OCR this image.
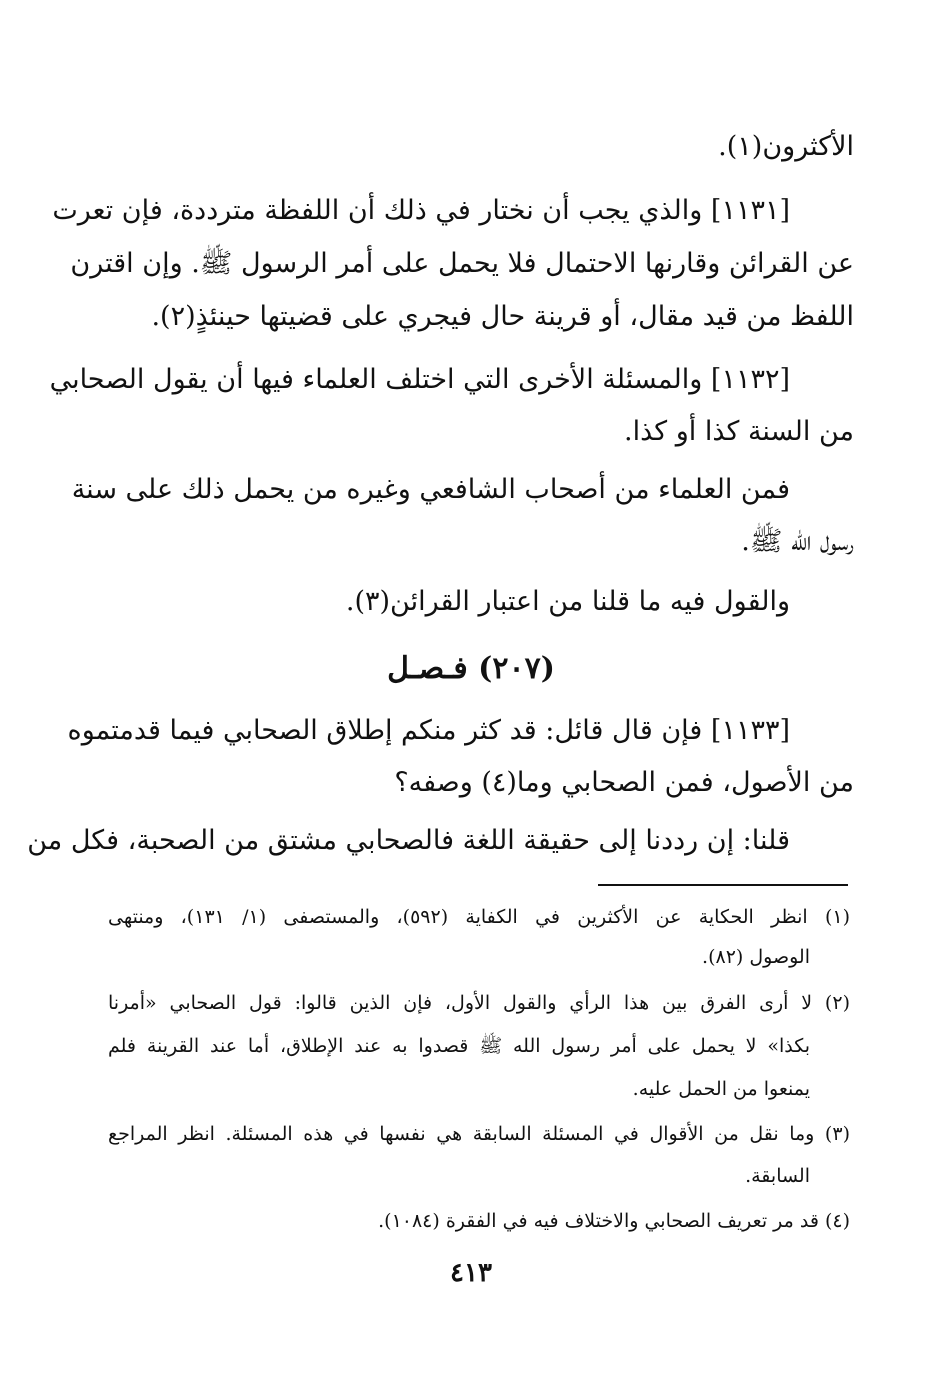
الأكثرون(١).
[١١٣١] والذي يجب أن نختار في ذلك أن اللفظة مترددة، فإن تعرت
عن القرائن وقارنها الاحتمال فلا يحمل على أمر الرسول ﷺ. وإن اقترن
اللفظ من قيد مقال، أو قرينة حال فيجري على قضيتها حينئذٍ(٢).
[١١٣٢] والمسئلة الأخرى التي اختلف العلماء فيها أن يقول الصحابي
من السنة كذا أو كذا.
فمن العلماء من أصحاب الشافعي وغيره من يحمل ذلك على سنة
رسول الله ﷺ.
والقول فيه ما قلنا من اعتبار القرائن(٣).
(٢٠٧) فـصـل
[١١٣٣] فإن قال قائل: قد كثر منكم إطلاق الصحابي فيما قدمتموه
من الأصول، فمن الصحابي وما(٤) وصفه؟
قلنا: إن رددنا إلى حقيقة اللغة فالصحابي مشتق من الصحبة، فكل من
(١) انظر الحكاية عن الأكثرين في الكفاية (٥٩٢)، والمستصفى (١/ ١٣١)، ومنتهى
الوصول (٨٢).
(٢) لا أرى الفرق بين هذا الرأي والقول الأول، فإن الذين قالوا: قول الصحابي «أمرنا
بكذا» لا يحمل على أمر رسول الله ﷺ قصدوا به عند الإطلاق، أما عند القرينة فلم
يمنعوا من الحمل عليه.
(٣) وما نقل من الأقوال في المسئلة السابقة هي نفسها في هذه المسئلة. انظر المراجع
السابقة.
(٤) قد مر تعريف الصحابي والاختلاف فيه في الفقرة (١٠٨٤).
٤١٣
